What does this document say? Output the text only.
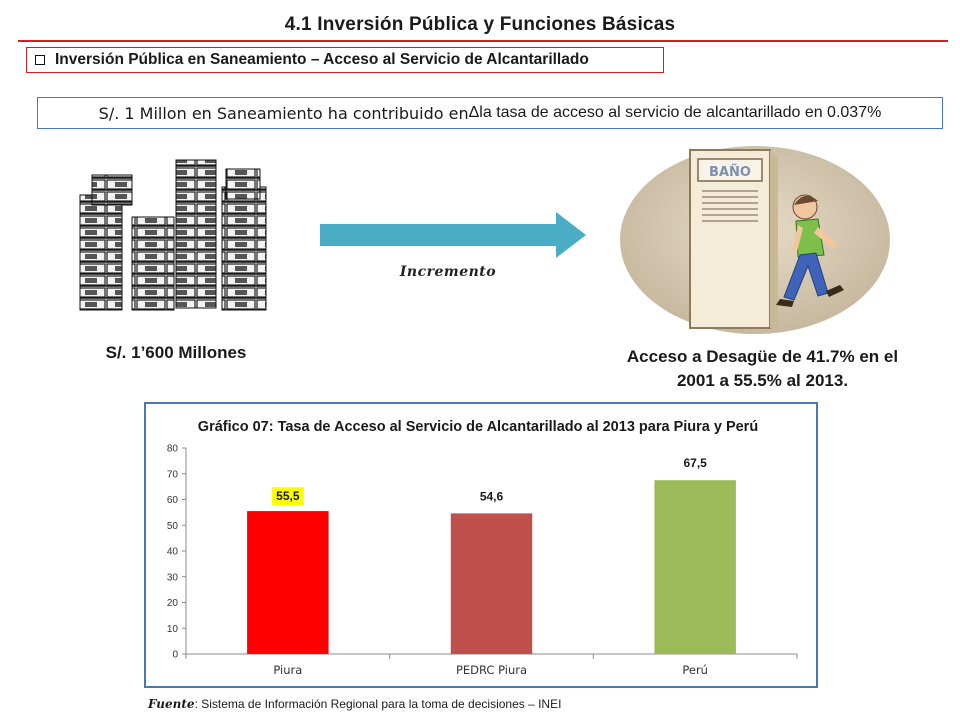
4.1 Inversión Pública y Funciones Básicas
Inversión Pública en Saneamiento – Acceso al Servicio de Alcantarillado
S/. 1 Millon en Saneamiento ha contribuido en Δ la tasa de acceso al servicio de alcantarillado en 0.037%
Incremento
S/. 1’600 Millones
BAÑO
Acceso a Desagüe de 41.7% en el
2001 a 55.5% al 2013.
Gráfico 07: Tasa de Acceso al Servicio de Alcantarillado al 2013 para Piura y Perú
0
10
20
30
40
50
60
70
80
55,5
Piura
54,6
PEDRC Piura
67,5
Perú
Fuente: Sistema de Información Regional para la toma de decisiones – INEI
